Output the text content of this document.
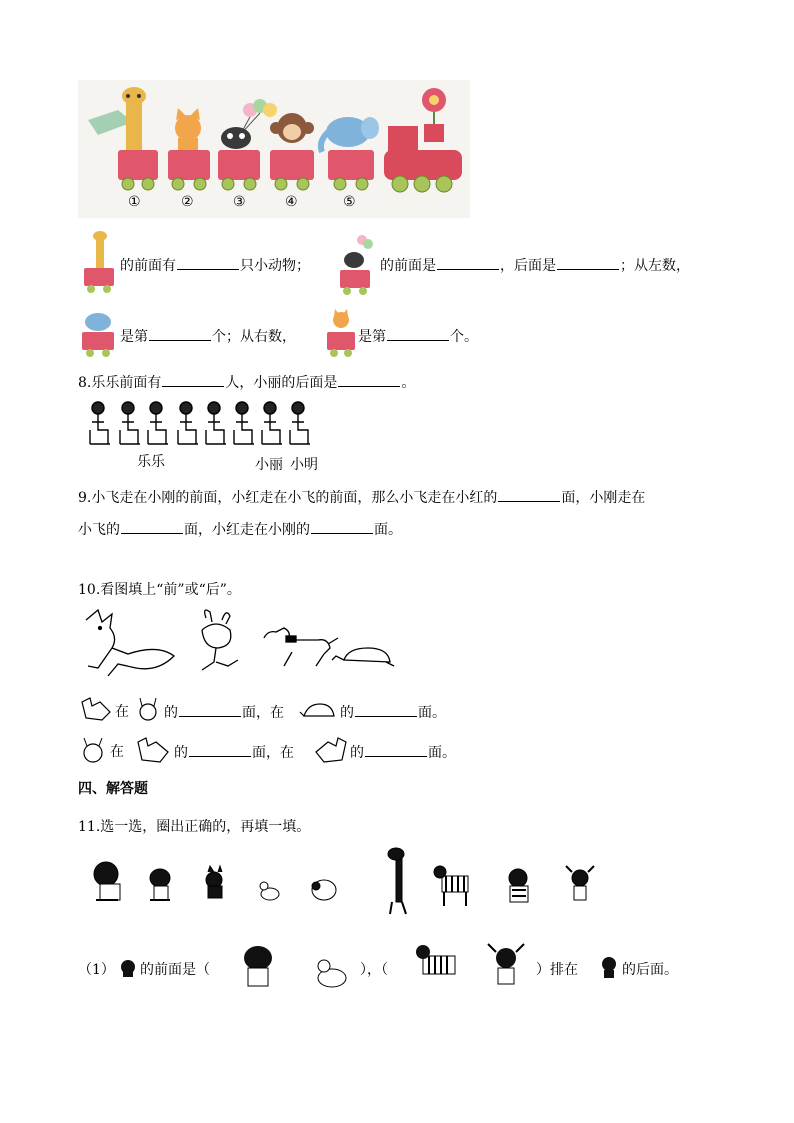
①	②	③	④	⑤
的前面有	只小动物；	的前面是	，后面是	；从左数，
是第	个；从右数，	是第	个。
8.乐乐前面有	人，小丽的后面是	。
乐乐	小丽 小明
9.小飞走在小刚的前面，小红走在小飞的前面，那么小飞走在小红的	面，小刚走在
小飞的	面，小红走在小刚的	面。
10.看图填上“前”或“后”。
在	的	面，在	的	面。
在	的	面，在	的	面。
四、解答题
11.选一选，圈出正确的，再填一填。
（1） 的前面是（	），（	）排在	的后面。
